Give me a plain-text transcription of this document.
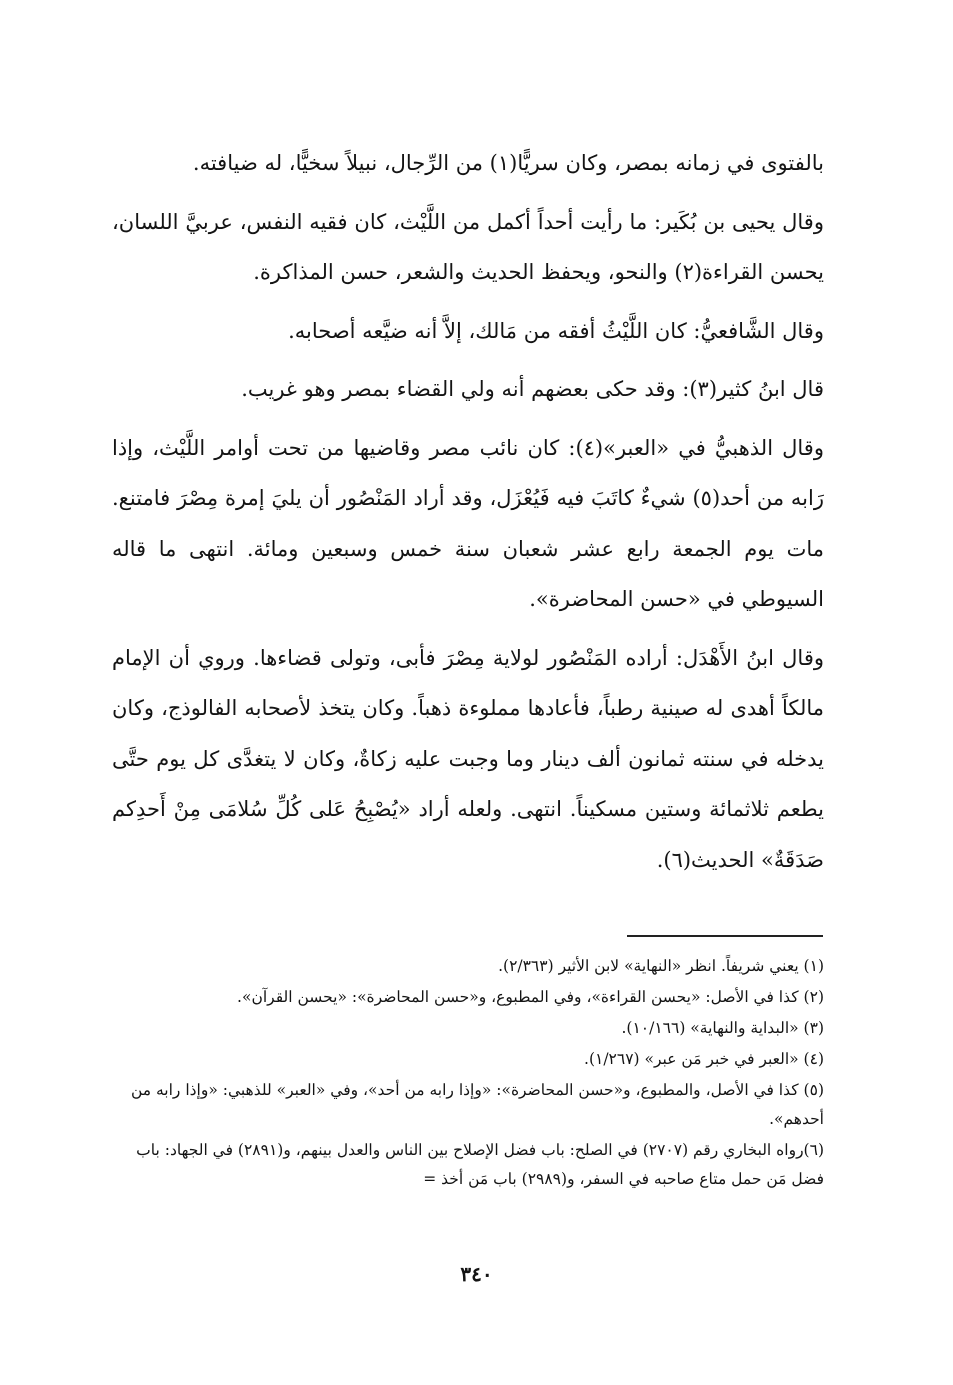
بالفتوى في زمانه بمصر، وكان سريًّا(١) من الرِّجال، نبيلاً سخيًّا، له ضيافته.

وقال يحيى بن بُكَير: ما رأيت أحداً أكمل من اللَّيْث، كان فقيه النفس، عربيَّ اللسان، يحسن القراءة(٢) والنحو، ويحفظ الحديث والشعر، حسن المذاكرة.

وقال الشَّافعيُّ: كان اللَّيْثُ أفقه من مَالك، إلاَّ أنه ضيَّعه أصحابه.

قال ابنُ كثير(٣): وقد حكى بعضهم أنه ولي القضاء بمصر وهو غريب.

وقال الذهبيُّ في «العبر»(٤): كان نائب مصر وقاضيها من تحت أوامر اللَّيْث، وإذا رَابه من أحد(٥) شيءٌ كاتَبَ فيه فَيُعْزَل، وقد أراد المَنْصُور أن يليَ إمرة مِصْرَ فامتنع. مات يوم الجمعة رابع عشر شعبان سنة خمس وسبعين ومائة. انتهى ما قاله السيوطي في «حسن المحاضرة».

وقال ابنُ الأَهْدَل: أراده المَنْصُور لولاية مِصْرَ فأبى، وتولى قضاءها. وروي أن الإمام مالكاً أهدى له صينية رطباً، فأعادها مملوءة ذهباً. وكان يتخذ لأصحابه الفالوذج، وكان يدخله في سنته ثمانون ألف دينار وما وجبت عليه زكاةٌ، وكان لا يتغدَّى كل يوم حتَّى يطعم ثلاثمائة وستين مسكيناً. انتهى. ولعله أراد «يُصْبِحُ عَلى كُلِّ سُلامَى مِنْ أَحدِكم صَدَقَةٌ» الحديث(٦).

(١) يعني شريفاً. انظر «النهاية» لابن الأثير (٢/٣٦٣).

(٢) كذا في الأصل: «يحسن القراءة»، وفي المطبوع، و«حسن المحاضرة»: «يحسن القرآن».

(٣) «البداية والنهاية» (١٠/١٦٦).

(٤) «العبر في خبر مَن عبر» (١/٢٦٧).

(٥) كذا في الأصل، والمطبوع، و«حسن المحاضرة»: «وإذا رابه من أحد»، وفي «العبر» للذهبي: «وإذا رابه من أحدهم».

(٦)رواه البخاري رقم (٢٧٠٧) في الصلح: باب فضل الإصلاح بين الناس والعدل بينهم، و(٢٨٩١) في الجهاد: باب فضل مَن حمل متاع صاحبه في السفر، و(٢٩٨٩) باب مَن أخذ =

٣٤٠
